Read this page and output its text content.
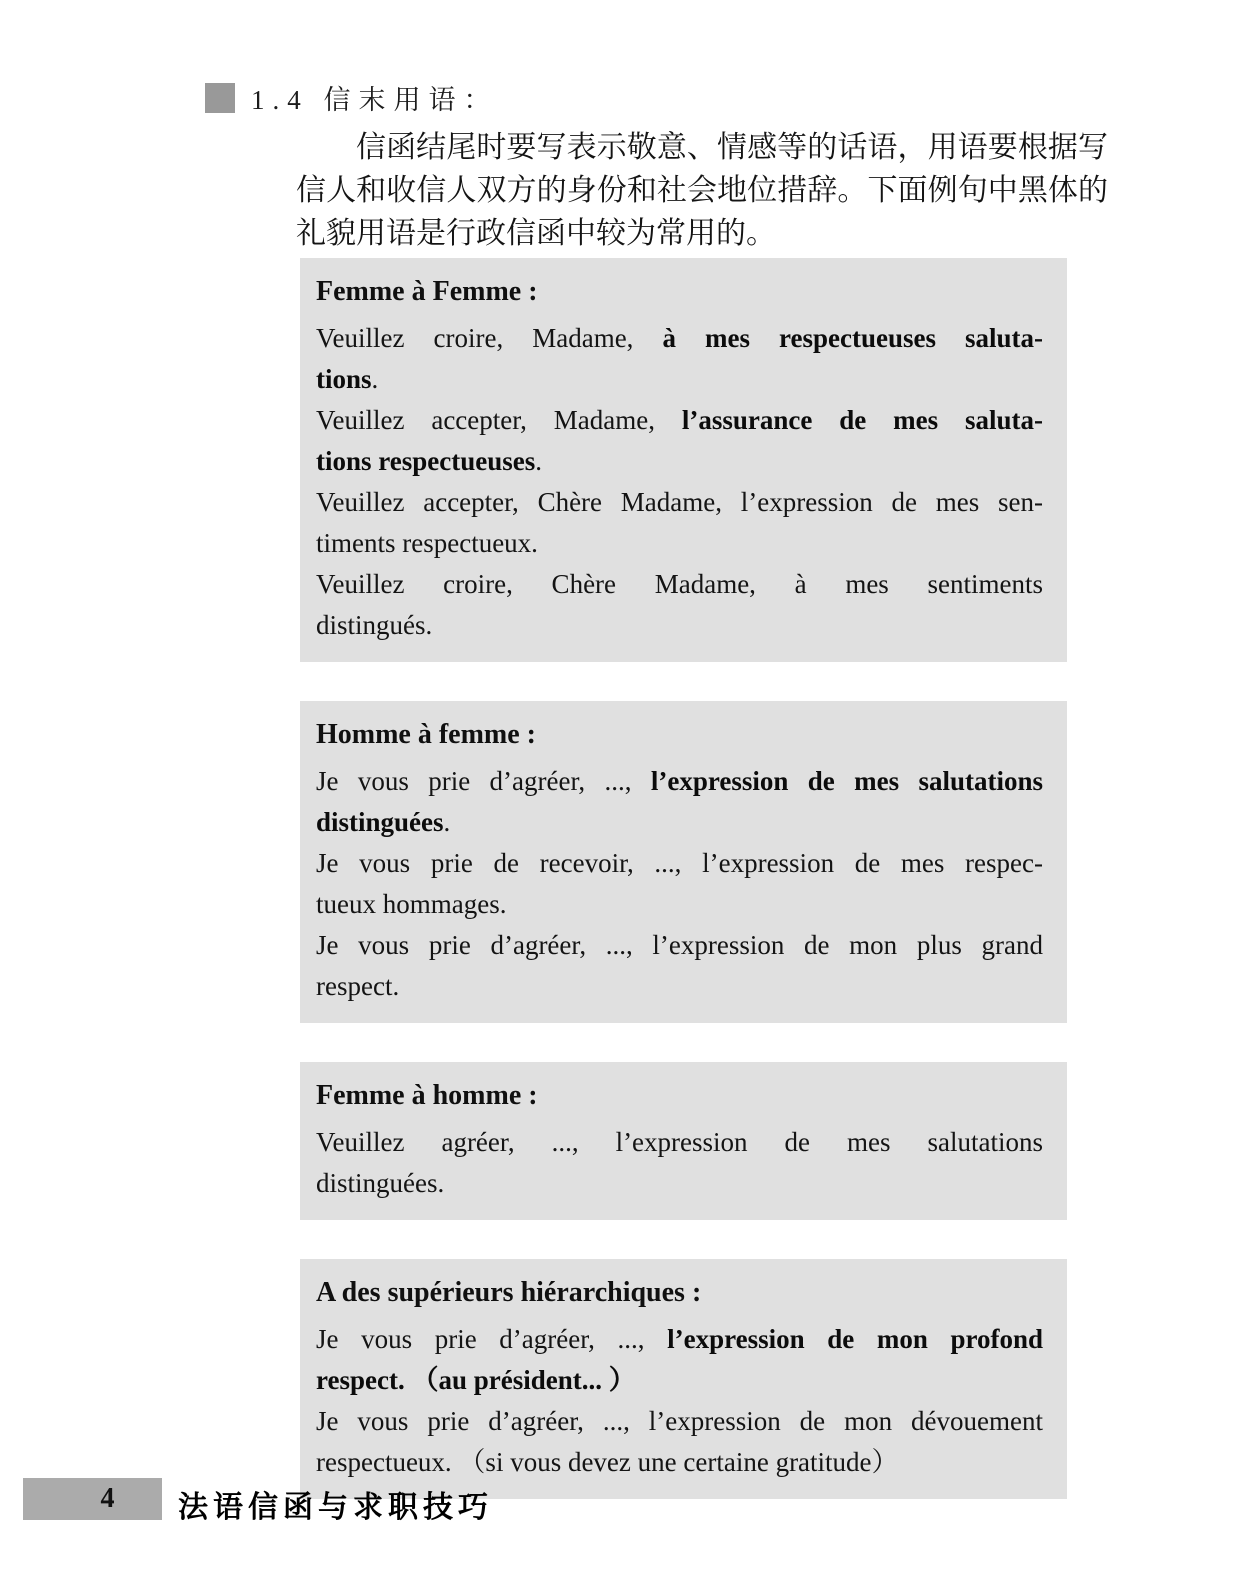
1.4 信末用语：

信函结尾时要写表示敬意、情感等的话语，用语要根据写信人和收信人双方的身份和社会地位措辞。下面例句中黑体的礼貌用语是行政信函中较为常用的。

Femme à Femme :
Veuillez croire, Madame, à mes respectueuses saluta-
tions.
Veuillez accepter, Madame, l’assurance de mes saluta-
tions respectueuses.
Veuillez accepter, Chère Madame, l’expression de mes sen-
timents respectueux.
Veuillez croire, Chère Madame, à mes sentiments
distingués.
Homme à femme :
Je vous prie d’agréer, ..., l’expression de mes salutations
distinguées.
Je vous prie de recevoir, ..., l’expression de mes respec-
tueux hommages.
Je vous prie d’agréer, ..., l’expression de mon plus grand
respect.
Femme à homme :
Veuillez agréer, ..., l’expression de mes salutations
distinguées.
A des supérieurs hiérarchiques :
Je vous prie d’agréer, ..., l’expression de mon profond
respect. （au président... ）
Je vous prie d’agréer, ..., l’expression de mon dévouement
respectueux. （si vous devez une certaine gratitude）
4 法语信函与求职技巧
